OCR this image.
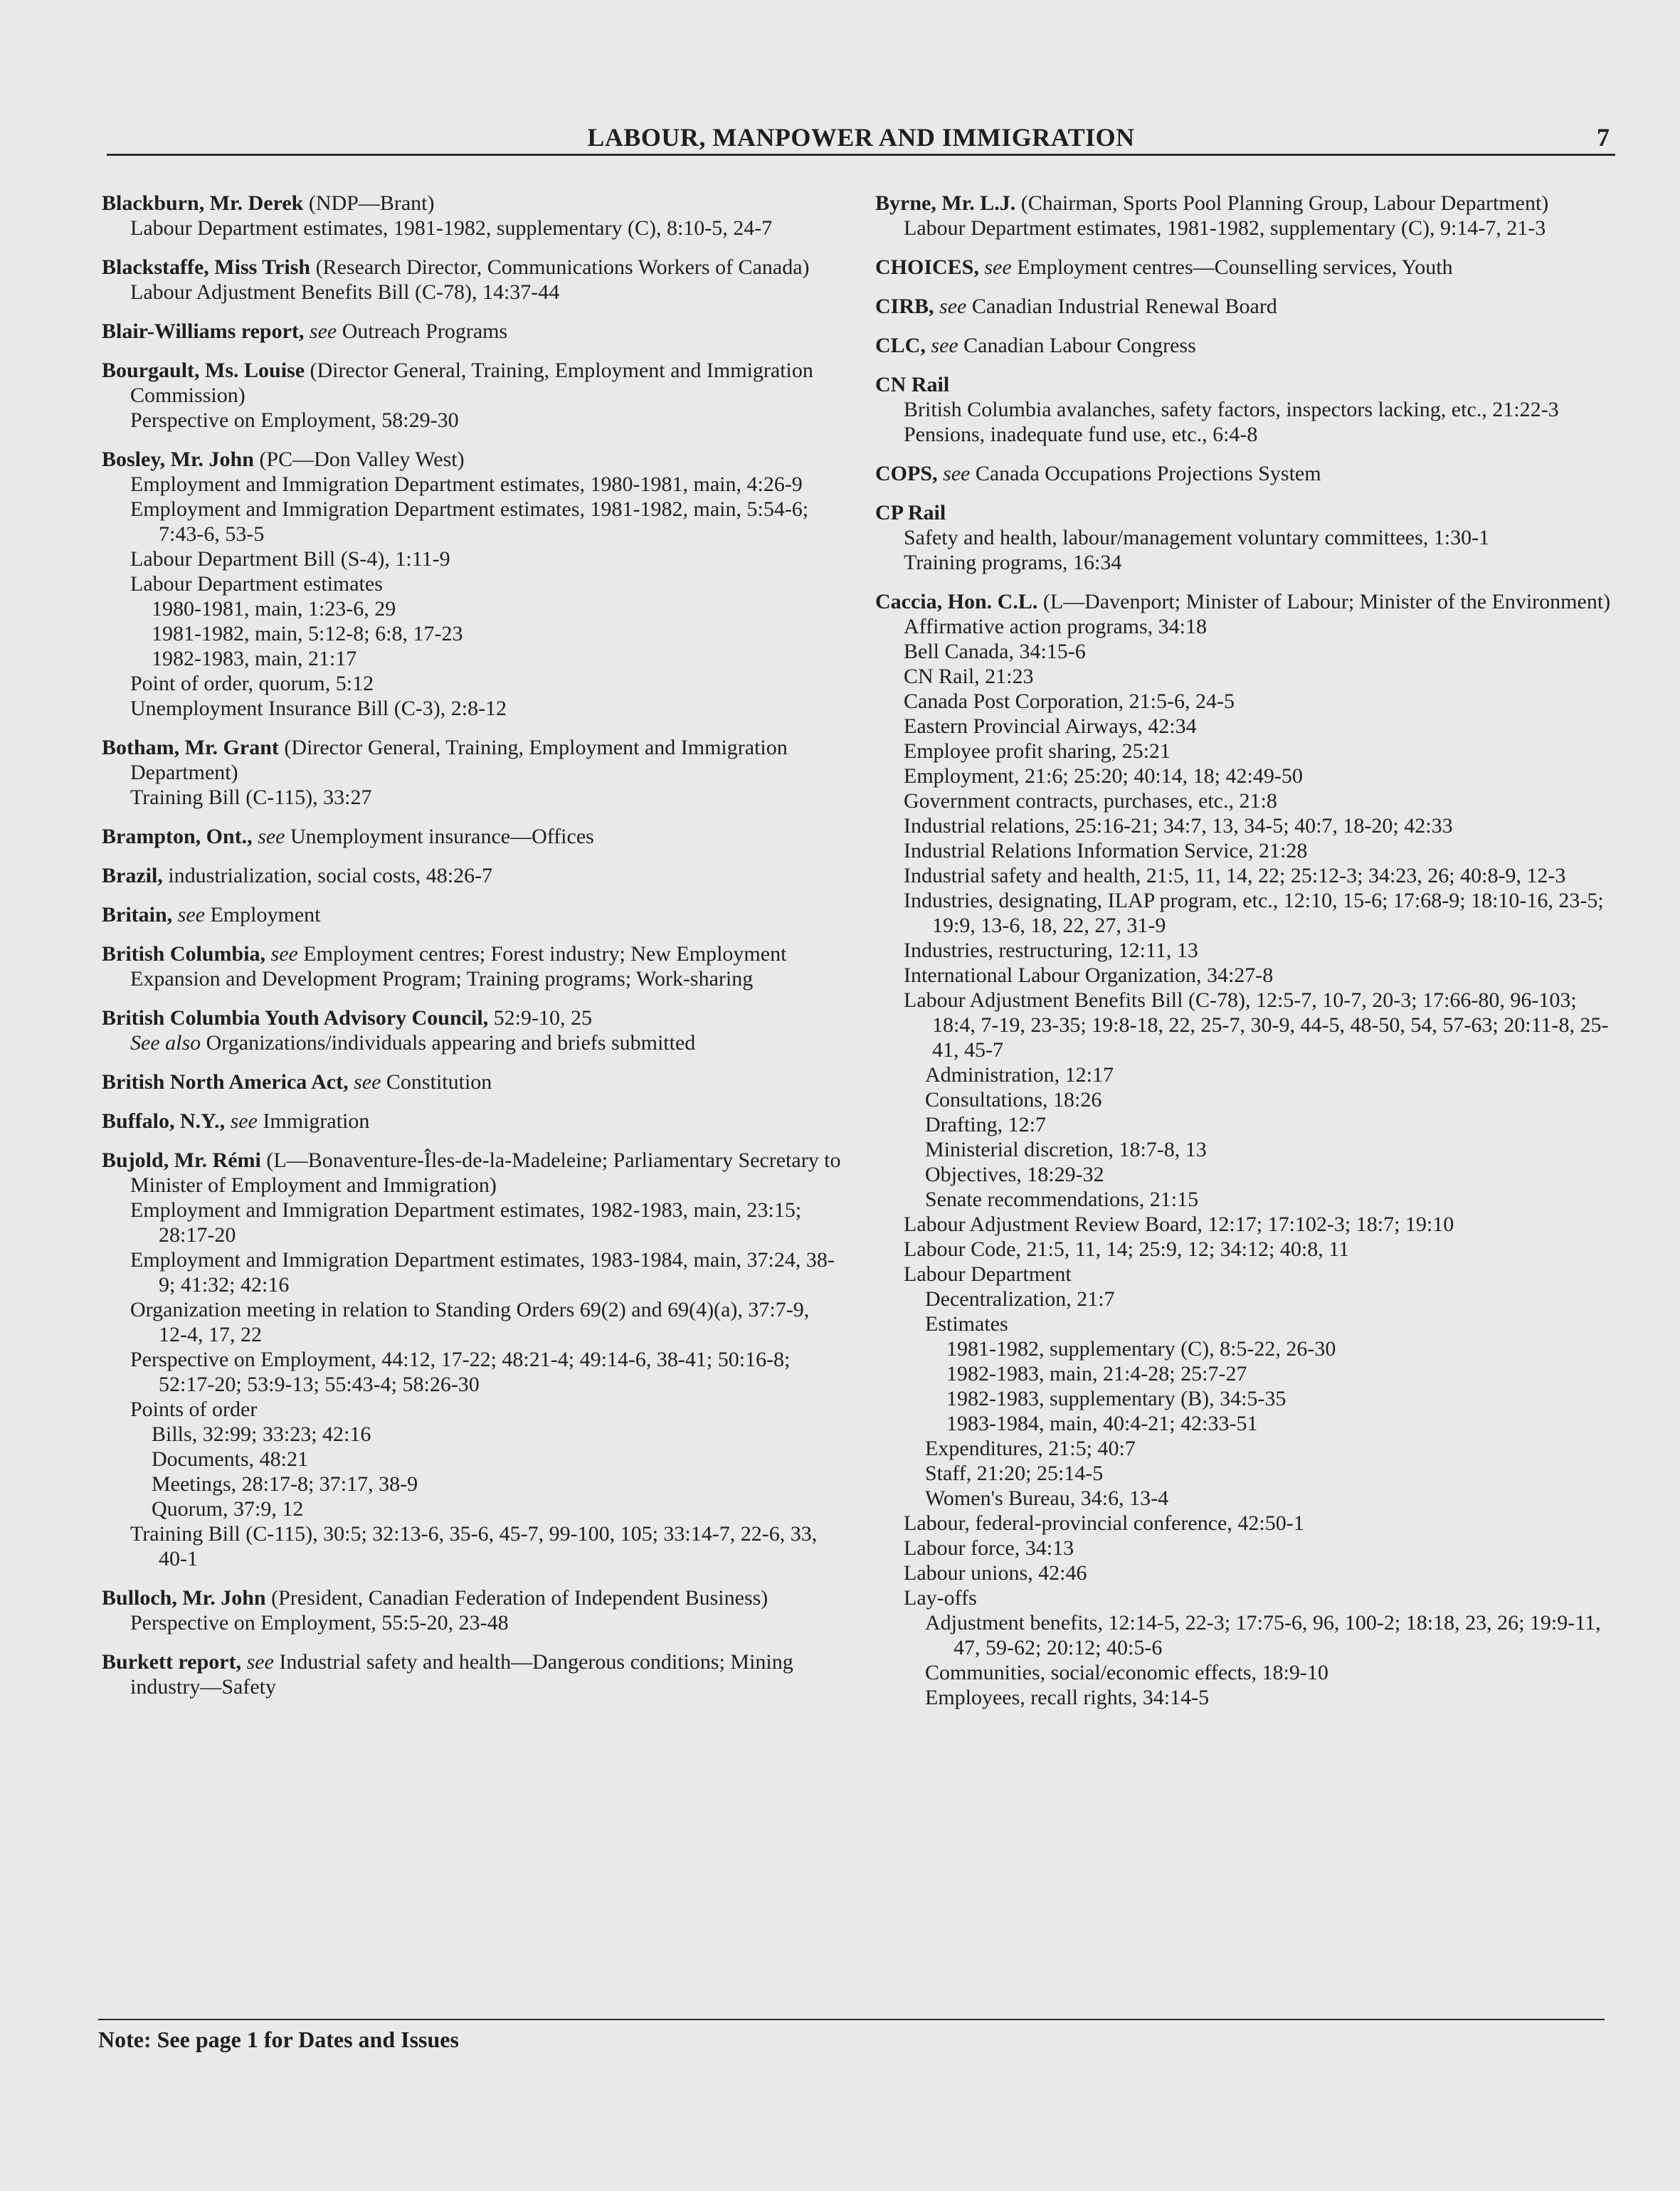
LABOUR, MANPOWER AND IMMIGRATION	7
Blackburn, Mr. Derek (NDP—Brant)
Labour Department estimates, 1981-1982, supplementary (C), 8:10-5, 24-7
Blackstaffe, Miss Trish (Research Director, Communications Workers of Canada)
Labour Adjustment Benefits Bill (C-78), 14:37-44
Blair-Williams report, see Outreach Programs
Bourgault, Ms. Louise (Director General, Training, Employment and Immigration Commission)
Perspective on Employment, 58:29-30
Bosley, Mr. John (PC—Don Valley West)
Employment and Immigration Department estimates, 1980-1981, main, 4:26-9
Employment and Immigration Department estimates, 1981-1982, main, 5:54-6; 7:43-6, 53-5
Labour Department Bill (S-4), 1:11-9
Labour Department estimates
1980-1981, main, 1:23-6, 29
1981-1982, main, 5:12-8; 6:8, 17-23
1982-1983, main, 21:17
Point of order, quorum, 5:12
Unemployment Insurance Bill (C-3), 2:8-12
Botham, Mr. Grant (Director General, Training, Employment and Immigration Department)
Training Bill (C-115), 33:27
Brampton, Ont., see Unemployment insurance—Offices
Brazil, industrialization, social costs, 48:26-7
Britain, see Employment
British Columbia, see Employment centres; Forest industry; New Employment Expansion and Development Program; Training programs; Work-sharing
British Columbia Youth Advisory Council, 52:9-10, 25
See also Organizations/individuals appearing and briefs submitted
British North America Act, see Constitution
Buffalo, N.Y., see Immigration
Bujold, Mr. Rémi (L—Bonaventure-Îles-de-la-Madeleine; Parliamentary Secretary to Minister of Employment and Immigration)
Employment and Immigration Department estimates, 1982-1983, main, 23:15; 28:17-20
Employment and Immigration Department estimates, 1983-1984, main, 37:24, 38-9; 41:32; 42:16
Organization meeting in relation to Standing Orders 69(2) and 69(4)(a), 37:7-9, 12-4, 17, 22
Perspective on Employment, 44:12, 17-22; 48:21-4; 49:14-6, 38-41; 50:16-8; 52:17-20; 53:9-13; 55:43-4; 58:26-30
Points of order
Bills, 32:99; 33:23; 42:16
Documents, 48:21
Meetings, 28:17-8; 37:17, 38-9
Quorum, 37:9, 12
Training Bill (C-115), 30:5; 32:13-6, 35-6, 45-7, 99-100, 105; 33:14-7, 22-6, 33, 40-1
Bulloch, Mr. John (President, Canadian Federation of Independent Business)
Perspective on Employment, 55:5-20, 23-48
Burkett report, see Industrial safety and health—Dangerous conditions; Mining industry—Safety
Byrne, Mr. L.J. (Chairman, Sports Pool Planning Group, Labour Department)
Labour Department estimates, 1981-1982, supplementary (C), 9:14-7, 21-3
CHOICES, see Employment centres—Counselling services, Youth
CIRB, see Canadian Industrial Renewal Board
CLC, see Canadian Labour Congress
CN Rail
British Columbia avalanches, safety factors, inspectors lacking, etc., 21:22-3
Pensions, inadequate fund use, etc., 6:4-8
COPS, see Canada Occupations Projections System
CP Rail
Safety and health, labour/management voluntary committees, 1:30-1
Training programs, 16:34
Caccia, Hon. C.L. (L—Davenport; Minister of Labour; Minister of the Environment)
Affirmative action programs, 34:18
Bell Canada, 34:15-6
CN Rail, 21:23
Canada Post Corporation, 21:5-6, 24-5
Eastern Provincial Airways, 42:34
Employee profit sharing, 25:21
Employment, 21:6; 25:20; 40:14, 18; 42:49-50
Government contracts, purchases, etc., 21:8
Industrial relations, 25:16-21; 34:7, 13, 34-5; 40:7, 18-20; 42:33
Industrial Relations Information Service, 21:28
Industrial safety and health, 21:5, 11, 14, 22; 25:12-3; 34:23, 26; 40:8-9, 12-3
Industries, designating, ILAP program, etc., 12:10, 15-6; 17:68-9; 18:10-16, 23-5; 19:9, 13-6, 18, 22, 27, 31-9
Industries, restructuring, 12:11, 13
International Labour Organization, 34:27-8
Labour Adjustment Benefits Bill (C-78), 12:5-7, 10-7, 20-3; 17:66-80, 96-103; 18:4, 7-19, 23-35; 19:8-18, 22, 25-7, 30-9, 44-5, 48-50, 54, 57-63; 20:11-8, 25-41, 45-7
Administration, 12:17
Consultations, 18:26
Drafting, 12:7
Ministerial discretion, 18:7-8, 13
Objectives, 18:29-32
Senate recommendations, 21:15
Labour Adjustment Review Board, 12:17; 17:102-3; 18:7; 19:10
Labour Code, 21:5, 11, 14; 25:9, 12; 34:12; 40:8, 11
Labour Department
Decentralization, 21:7
Estimates
1981-1982, supplementary (C), 8:5-22, 26-30
1982-1983, main, 21:4-28; 25:7-27
1982-1983, supplementary (B), 34:5-35
1983-1984, main, 40:4-21; 42:33-51
Expenditures, 21:5; 40:7
Staff, 21:20; 25:14-5
Women's Bureau, 34:6, 13-4
Labour, federal-provincial conference, 42:50-1
Labour force, 34:13
Labour unions, 42:46
Lay-offs
Adjustment benefits, 12:14-5, 22-3; 17:75-6, 96, 100-2; 18:18, 23, 26; 19:9-11, 47, 59-62; 20:12; 40:5-6
Communities, social/economic effects, 18:9-10
Employees, recall rights, 34:14-5
Note: See page 1 for Dates and Issues
